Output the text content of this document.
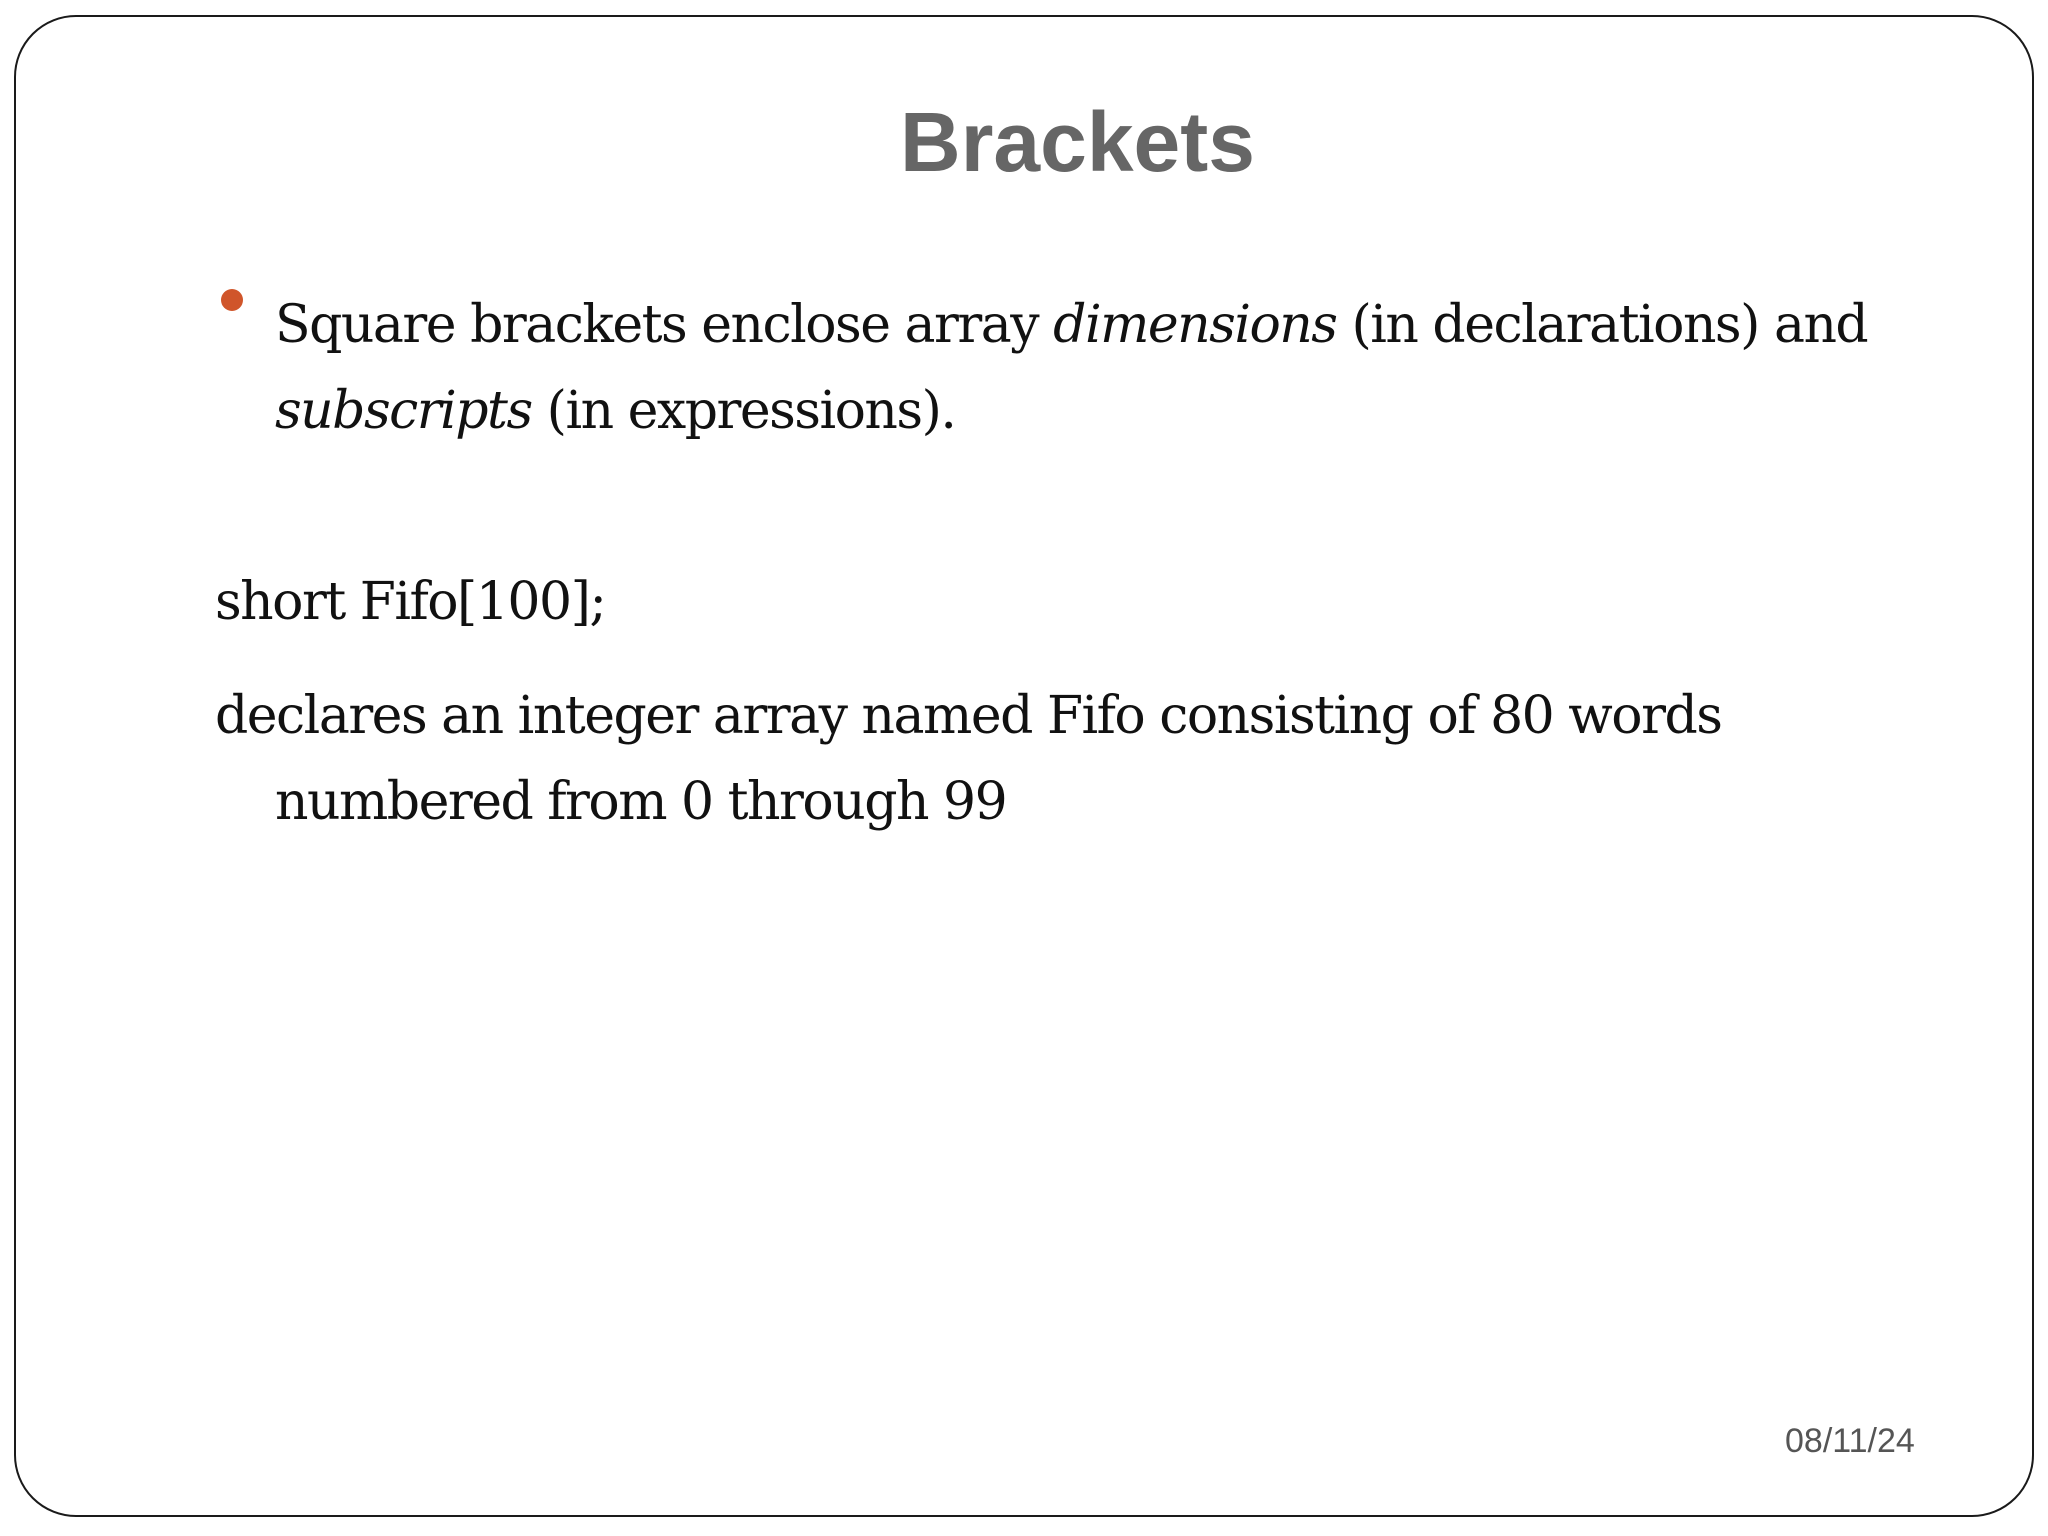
Brackets
Square brackets enclose array dimensions (in declarations) and subscripts (in expressions).
short Fifo[100];
declares an integer array named Fifo consisting of 80 words numbered from 0 through 99
08/11/24
